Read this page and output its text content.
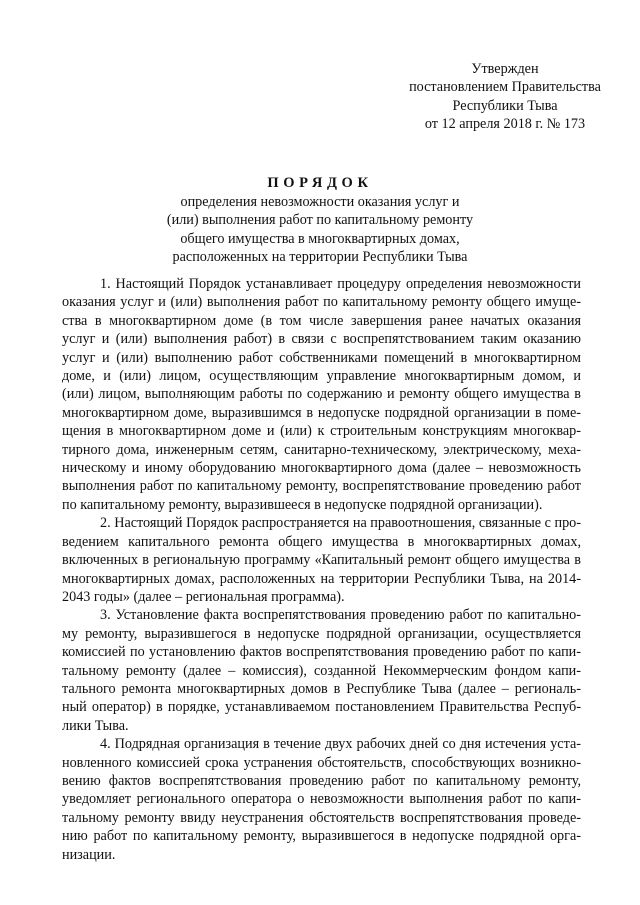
Утвержден
постановлением Правительства
Республики Тыва
от 12 апреля 2018 г. № 173
ПОРЯДОК
определения невозможности оказания услуг и
(или) выполнения работ по капитальному ремонту
общего имущества в многоквартирных домах,
расположенных на территории Республики Тыва
1. Настоящий Порядок устанавливает процедуру определения невозможности
оказания услуг и (или) выполнения работ по капитальному ремонту общего имуще-
ства в многоквартирном доме (в том числе завершения ранее начатых оказания
услуг и (или) выполнения работ) в связи с воспрепятствованием таким оказанию
услуг и (или) выполнению работ собственниками помещений в многоквартирном
доме, и (или) лицом, осуществляющим управление многоквартирным домом, и
(или) лицом, выполняющим работы по содержанию и ремонту общего имущества в
многоквартирном доме, выразившимся в недопуске подрядной организации в поме-
щения в многоквартирном доме и (или) к строительным конструкциям многоквар-
тирного дома, инженерным сетям, санитарно-техническому, электрическому, меха-
ническому и иному оборудованию многоквартирного дома (далее – невозможность
выполнения работ по капитальному ремонту, воспрепятствование проведению работ
по капитальному ремонту, выразившееся в недопуске подрядной организации).
2. Настоящий Порядок распространяется на правоотношения, связанные с про-
ведением капитального ремонта общего имущества в многоквартирных домах,
включенных в региональную программу «Капитальный ремонт общего имущества в
многоквартирных домах, расположенных на территории Республики Тыва, на 2014-
2043 годы» (далее – региональная программа).
3. Установление факта воспрепятствования проведению работ по капитально-
му ремонту, выразившегося в недопуске подрядной организации, осуществляется
комиссией по установлению фактов воспрепятствования проведению работ по капи-
тальному ремонту (далее – комиссия), созданной Некоммерческим фондом капи-
тального ремонта многоквартирных домов в Республике Тыва (далее – региональ-
ный оператор) в порядке, устанавливаемом постановлением Правительства Респуб-
лики Тыва.
4. Подрядная организация в течение двух рабочих дней со дня истечения уста-
новленного комиссией срока устранения обстоятельств, способствующих возникно-
вению фактов воспрепятствования проведению работ по капитальному ремонту,
уведомляет регионального оператора о невозможности выполнения работ по капи-
тальному ремонту ввиду неустранения обстоятельств воспрепятствования проведе-
нию работ по капитальному ремонту, выразившегося в недопуске подрядной орга-
низации.
